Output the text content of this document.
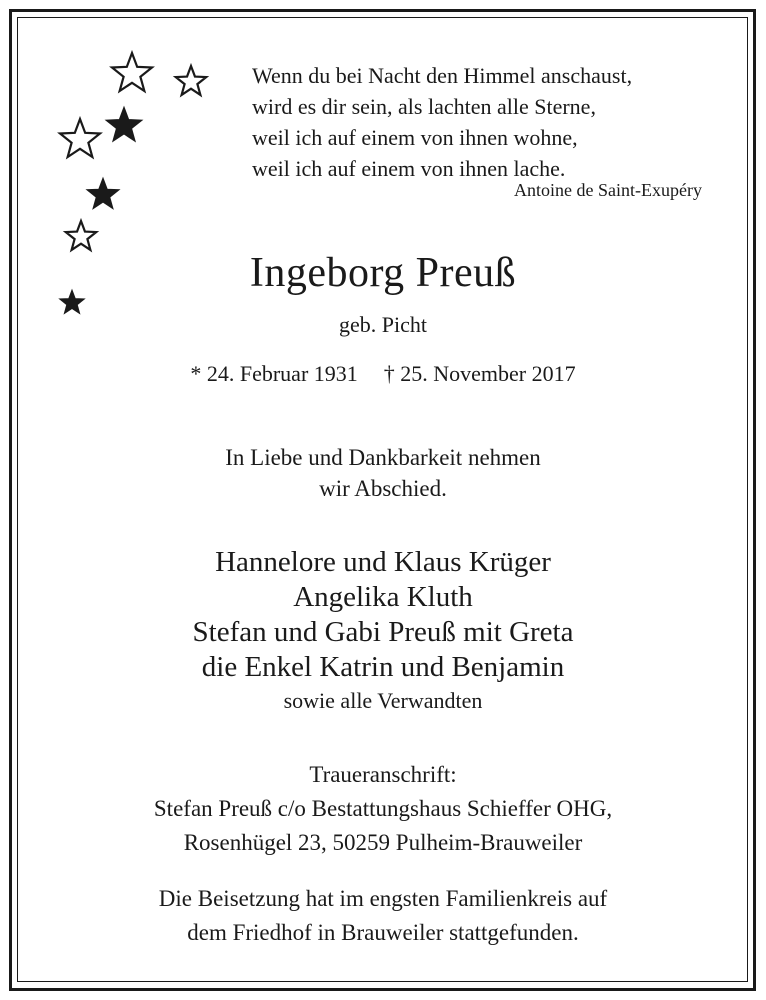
Wenn du bei Nacht den Himmel anschaust,
wird es dir sein, als lachten alle Sterne,
weil ich auf einem von ihnen wohne,
weil ich auf einem von ihnen lache.
Antoine de Saint-Exupéry
Ingeborg Preuß
geb. Picht
* 24. Februar 1931 † 25. November 2017
In Liebe und Dankbarkeit nehmen
wir Abschied.
Hannelore und Klaus Krüger
Angelika Kluth
Stefan und Gabi Preuß mit Greta
die Enkel Katrin und Benjamin
sowie alle Verwandten
Traueranschrift:
Stefan Preuß c/o Bestattungshaus Schieffer OHG,
Rosenhügel 23, 50259 Pulheim-Brauweiler
Die Beisetzung hat im engsten Familienkreis auf
dem Friedhof in Brauweiler stattgefunden.
